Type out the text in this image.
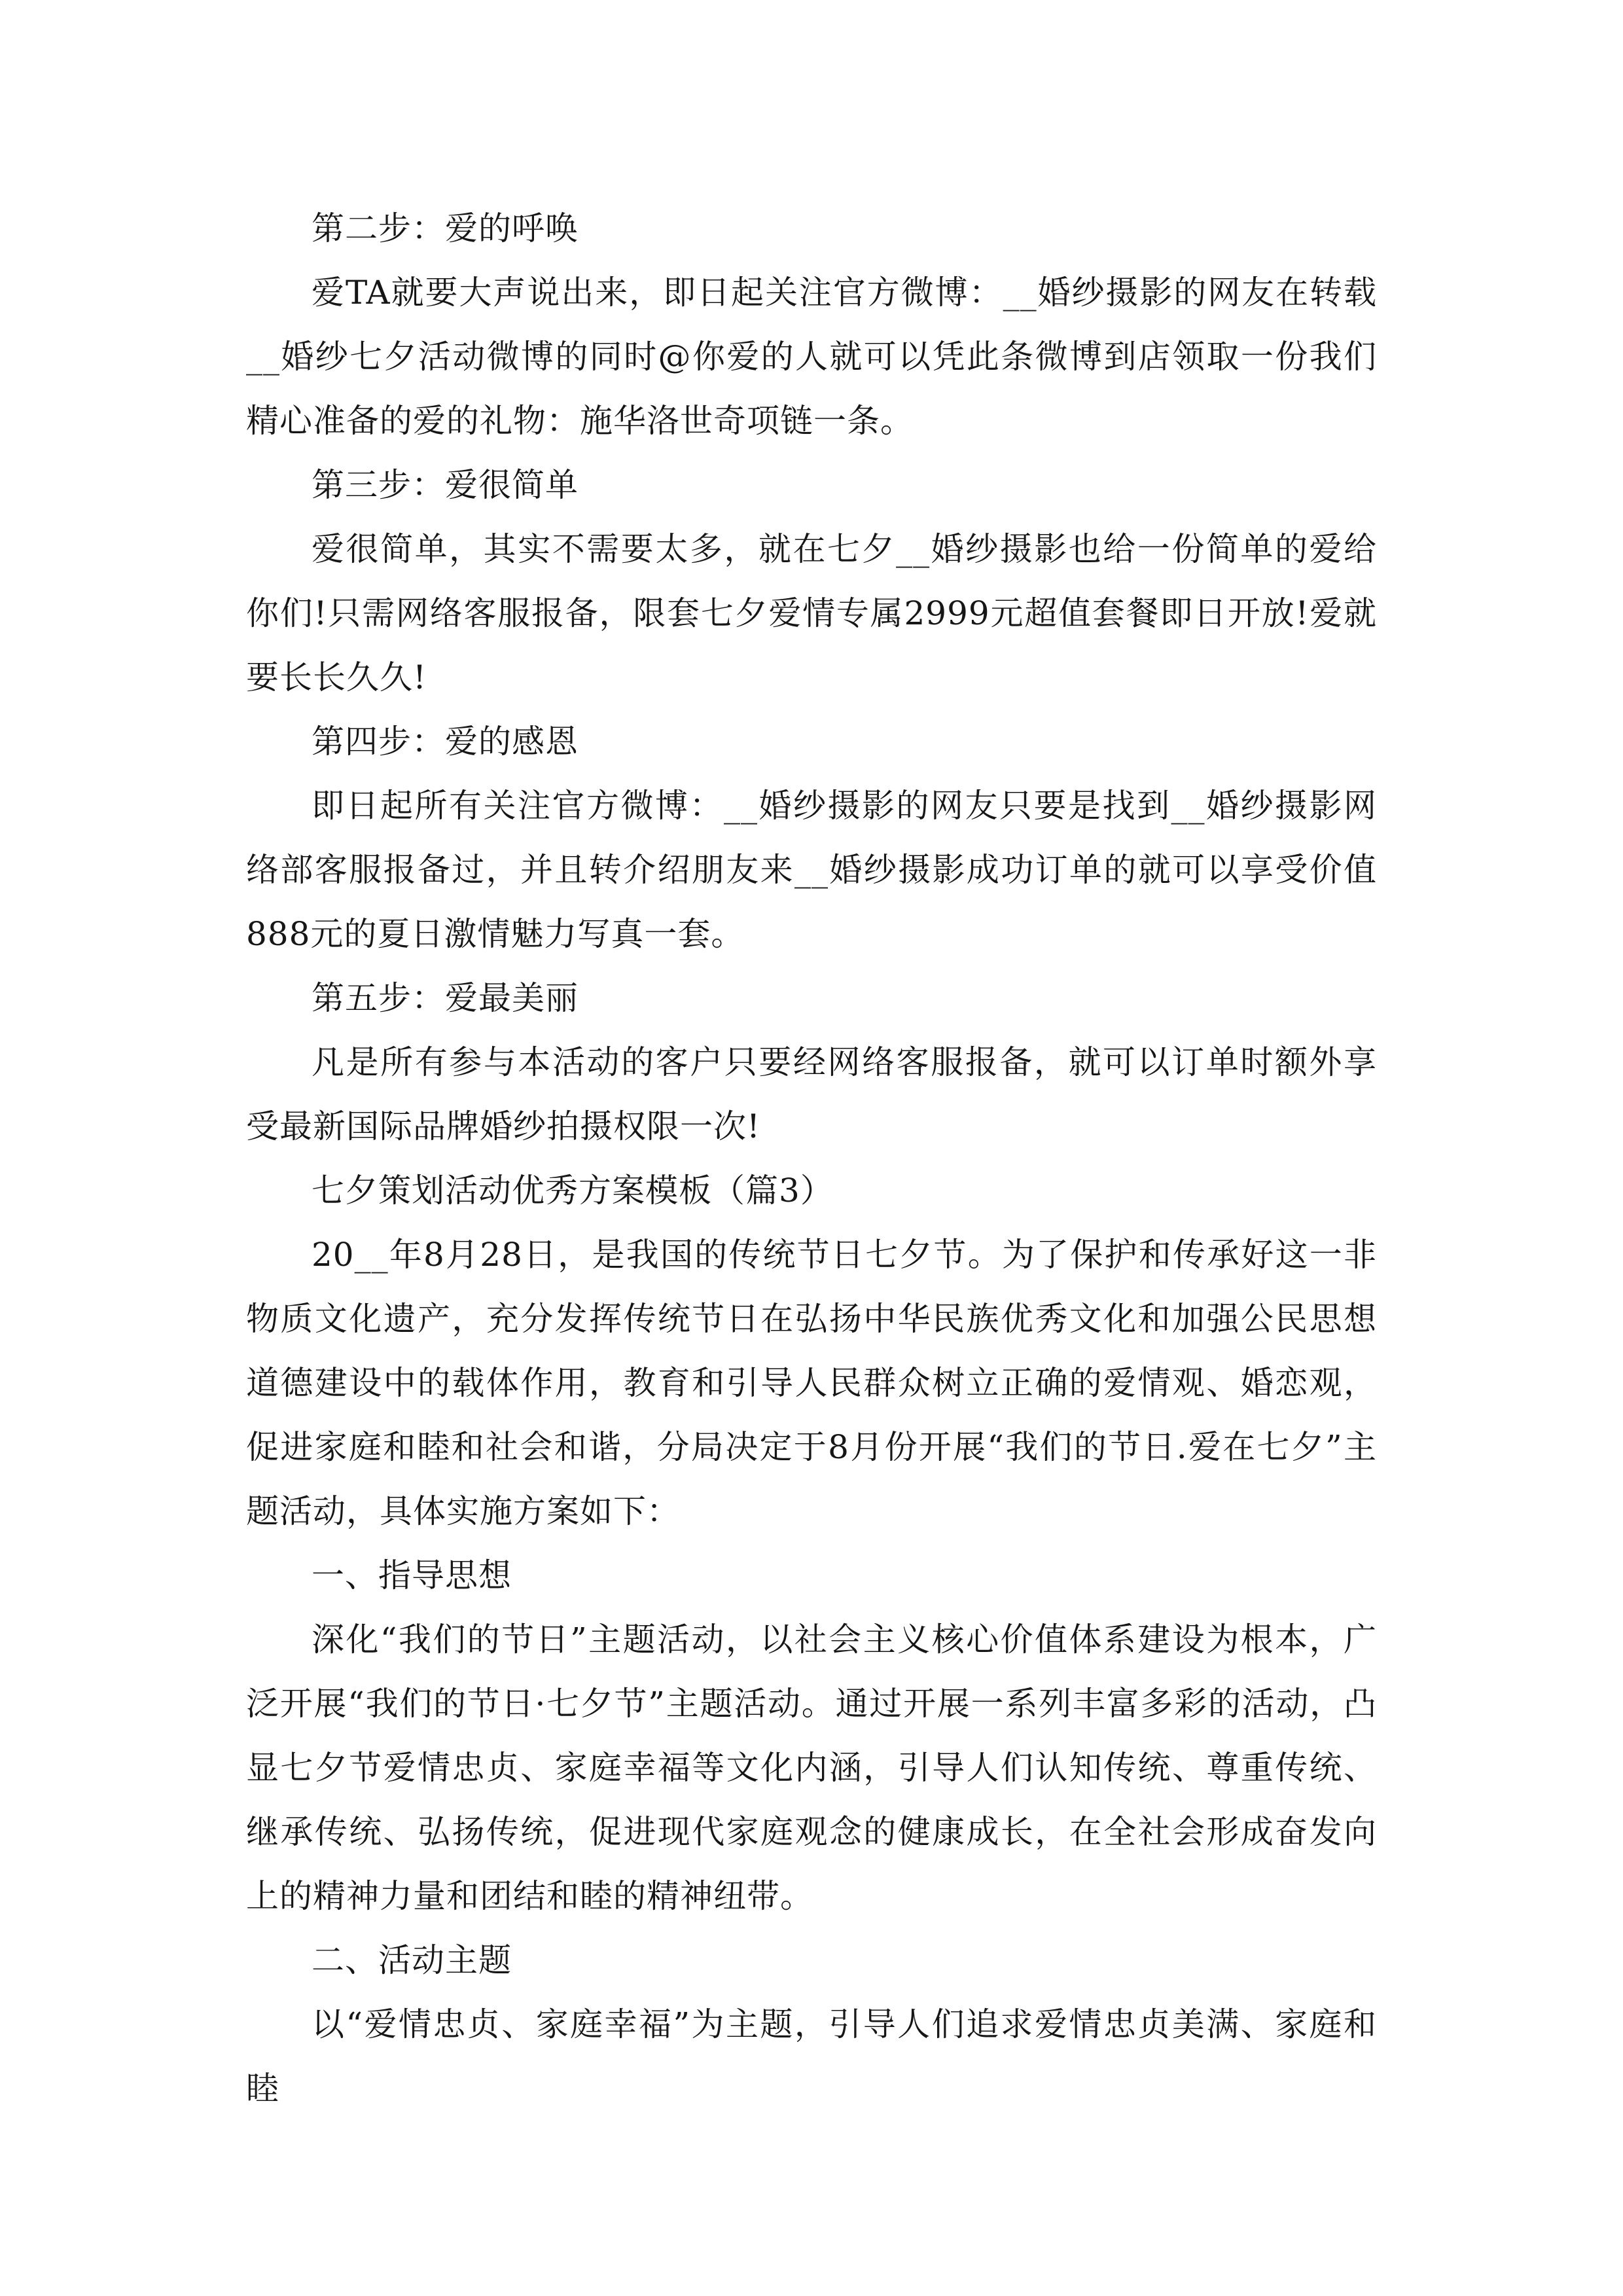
第二步：爱的呼唤

爱TA就要大声说出来，即日起关注官方微博：__婚纱摄影的网友在转载__婚纱七夕活动微博的同时@你爱的人就可以凭此条微博到店领取一份我们精心准备的爱的礼物：施华洛世奇项链一条。

第三步：爱很简单

爱很简单，其实不需要太多，就在七夕__婚纱摄影也给一份简单的爱给你们!只需网络客服报备，限套七夕爱情专属2999元超值套餐即日开放!爱就要长长久久!

第四步：爱的感恩

即日起所有关注官方微博：__婚纱摄影的网友只要是找到__婚纱摄影网络部客服报备过，并且转介绍朋友来__婚纱摄影成功订单的就可以享受价值888元的夏日激情魅力写真一套。

第五步：爱最美丽

凡是所有参与本活动的客户只要经网络客服报备，就可以订单时额外享受最新国际品牌婚纱拍摄权限一次!

七夕策划活动优秀方案模板（篇3）

20__年8月28日，是我国的传统节日七夕节。为了保护和传承好这一非物质文化遗产，充分发挥传统节日在弘扬中华民族优秀文化和加强公民思想道德建设中的载体作用，教育和引导人民群众树立正确的爱情观、婚恋观，促进家庭和睦和社会和谐，分局决定于8月份开展“我们的节日.爱在七夕”主题活动，具体实施方案如下：

一、指导思想

深化“我们的节日”主题活动，以社会主义核心价值体系建设为根本，广泛开展“我们的节日·七夕节”主题活动。通过开展一系列丰富多彩的活动，凸显七夕节爱情忠贞、家庭幸福等文化内涵，引导人们认知传统、尊重传统、继承传统、弘扬传统，促进现代家庭观念的健康成长，在全社会形成奋发向上的精神力量和团结和睦的精神纽带。

二、活动主题

以“爱情忠贞、家庭幸福”为主题，引导人们追求爱情忠贞美满、家庭和睦
